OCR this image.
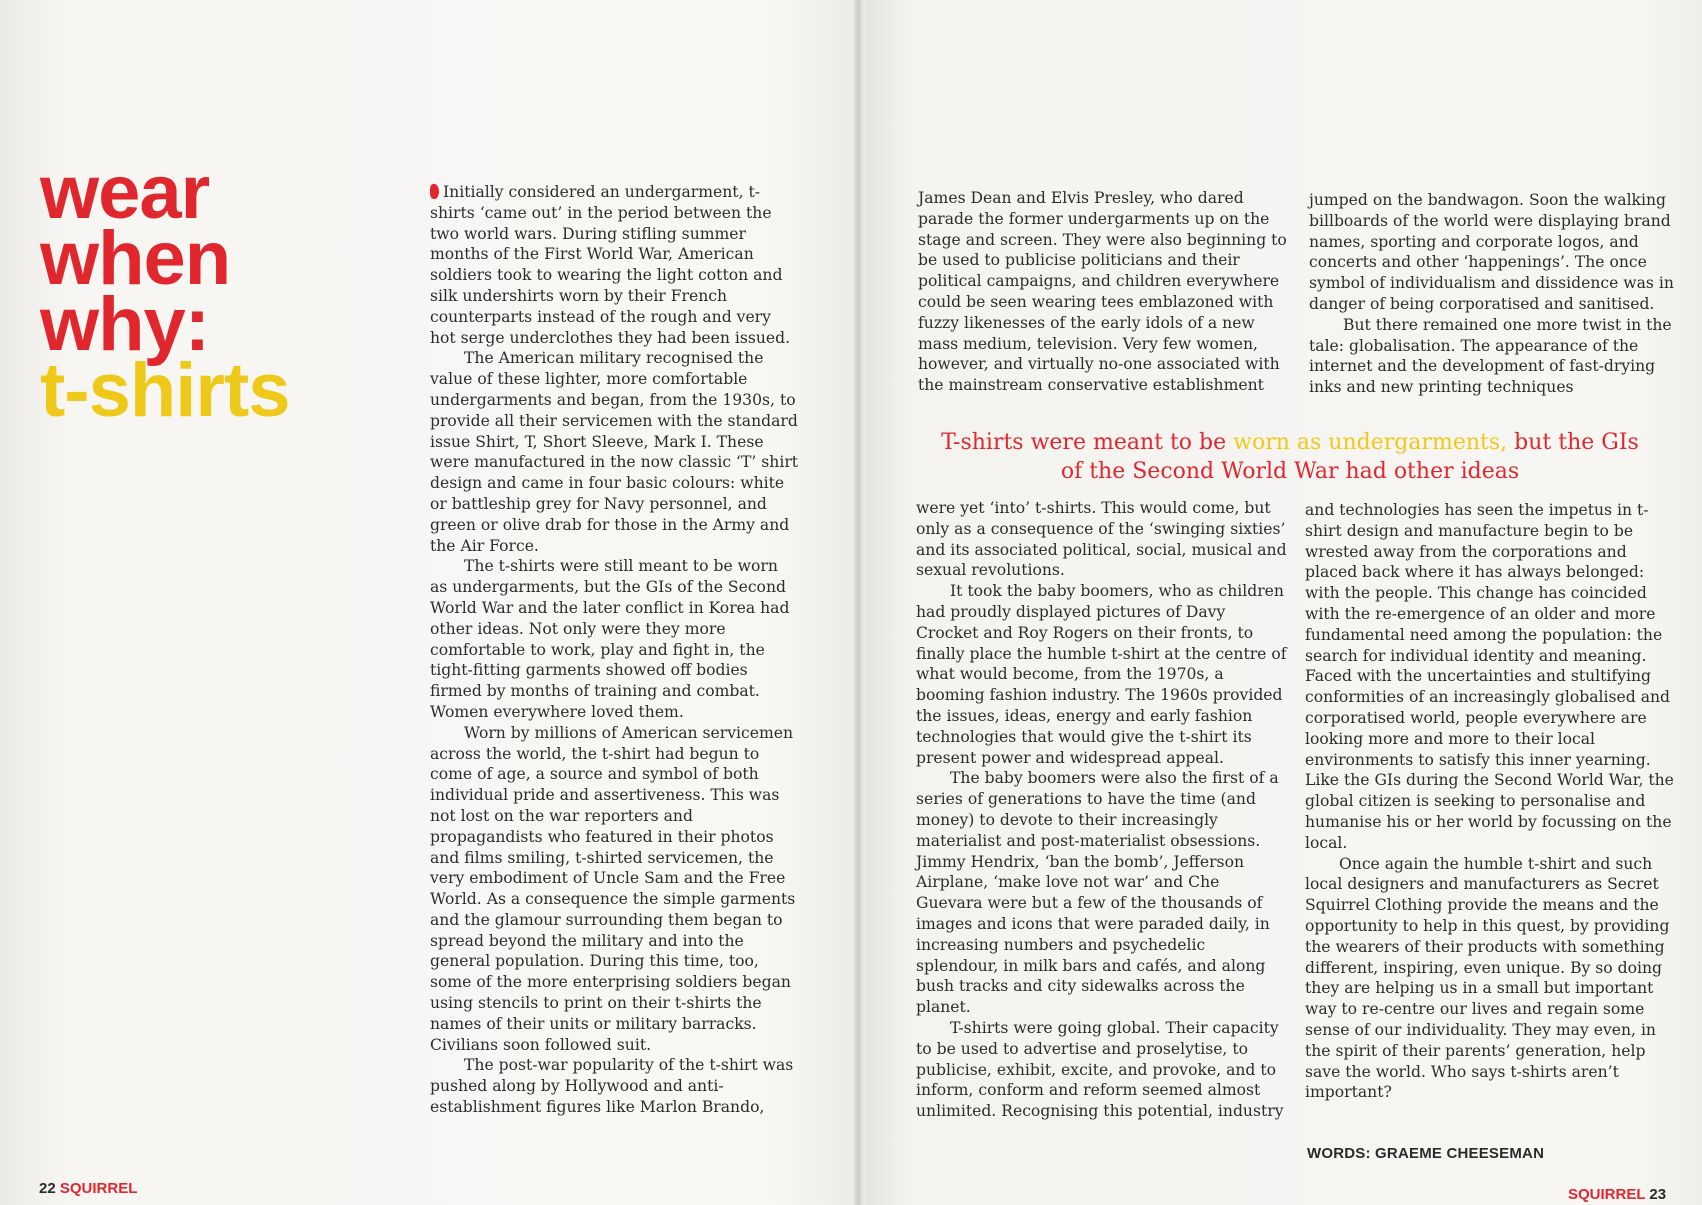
wear
when
why:
t-shirts

Initially considered an undergarment, t-shirts ‘came out’ in the period between the two world wars. During stifling summer months of the First World War, American soldiers took to wearing the light cotton and silk undershirts worn by their French counterparts instead of the rough and very hot serge underclothes they had been issued.

The American military recognised the value of these lighter, more comfortable undergarments and began, from the 1930s, to provide all their servicemen with the standard issue Shirt, T, Short Sleeve, Mark I. These were manufactured in the now classic ‘T’ shirt design and came in four basic colours: white or battleship grey for Navy personnel, and green or olive drab for those in the Army and the Air Force.

The t-shirts were still meant to be worn as undergarments, but the GIs of the Second World War and the later conflict in Korea had other ideas. Not only were they more comfortable to work, play and fight in, the tight-fitting garments showed off bodies firmed by months of training and combat. Women everywhere loved them.

Worn by millions of American servicemen across the world, the t-shirt had begun to come of age, a source and symbol of both individual pride and assertiveness. This was not lost on the war reporters and propagandists who featured in their photos and films smiling, t-shirted servicemen, the very embodiment of Uncle Sam and the Free World. As a consequence the simple garments and the glamour surrounding them began to spread beyond the military and into the general population. During this time, too, some of the more enterprising soldiers began using stencils to print on their t-shirts the names of their units or military barracks. Civilians soon followed suit.

The post-war popularity of the t-shirt was pushed along by Hollywood and anti-establishment figures like Marlon Brando,

James Dean and Elvis Presley, who dared parade the former undergarments up on the stage and screen. They were also beginning to be used to publicise politicians and their political campaigns, and children everywhere could be seen wearing tees emblazoned with fuzzy likenesses of the early idols of a new mass medium, television. Very few women, however, and virtually no-one associated with the mainstream conservative establishment

jumped on the bandwagon. Soon the walking billboards of the world were displaying brand names, sporting and corporate logos, and concerts and other ‘happenings’. The once symbol of individualism and dissidence was in danger of being corporatised and sanitised.

But there remained one more twist in the tale: globalisation. The appearance of the internet and the development of fast-drying inks and new printing techniques

T-shirts were meant to be worn as undergarments, but the GIs of the Second World War had other ideas

were yet ‘into’ t-shirts. This would come, but only as a consequence of the ‘swinging sixties’ and its associated political, social, musical and sexual revolutions.

It took the baby boomers, who as children had proudly displayed pictures of Davy Crocket and Roy Rogers on their fronts, to finally place the humble t-shirt at the centre of what would become, from the 1970s, a booming fashion industry. The 1960s provided the issues, ideas, energy and early fashion technologies that would give the t-shirt its present power and widespread appeal.

The baby boomers were also the first of a series of generations to have the time (and money) to devote to their increasingly materialist and post-materialist obsessions. Jimmy Hendrix, ‘ban the bomb’, Jefferson Airplane, ‘make love not war’ and Che Guevara were but a few of the thousands of images and icons that were paraded daily, in increasing numbers and psychedelic splendour, in milk bars and cafés, and along bush tracks and city sidewalks across the planet.

T-shirts were going global. Their capacity to be used to advertise and proselytise, to publicise, exhibit, excite, and provoke, and to inform, conform and reform seemed almost unlimited. Recognising this potential, industry

and technologies has seen the impetus in t-shirt design and manufacture begin to be wrested away from the corporations and placed back where it has always belonged: with the people. This change has coincided with the re-emergence of an older and more fundamental need among the population: the search for individual identity and meaning. Faced with the uncertainties and stultifying conformities of an increasingly globalised and corporatised world, people everywhere are looking more and more to their local environments to satisfy this inner yearning. Like the GIs during the Second World War, the global citizen is seeking to personalise and humanise his or her world by focussing on the local.

Once again the humble t-shirt and such local designers and manufacturers as Secret Squirrel Clothing provide the means and the opportunity to help in this quest, by providing the wearers of their products with something different, inspiring, even unique. By so doing they are helping us in a small but important way to re-centre our lives and regain some sense of our individuality. They may even, in the spirit of their parents’ generation, help save the world. Who says t-shirts aren’t important?

WORDS: GRAEME CHEESEMAN
22 SQUIRREL	SQUIRREL 23
